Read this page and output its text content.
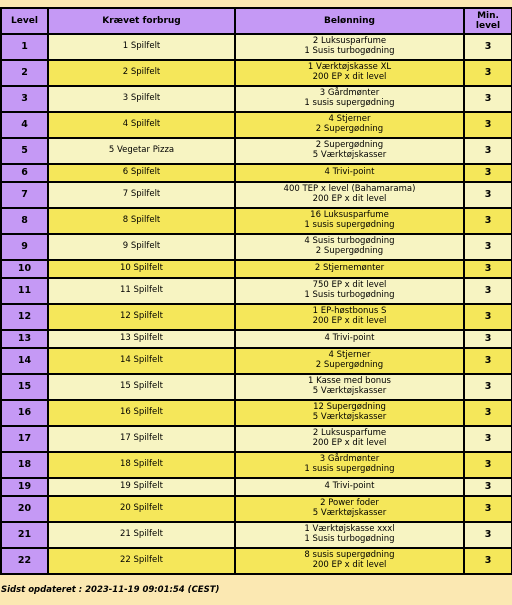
Level	Krævet forbrug	Belønning	Min.
level

1	1 Spilfelt	2 Luksusparfume
1 Susis turbogødning	3
2	2 Spilfelt	1 Værktøjskasse XL
200 EP x dit level	3
3	3 Spilfelt	3 Gårdmønter
1 susis supergødning	3
4	4 Spilfelt	4 Stjerner
2 Supergødning	3
5	5 Vegetar Pizza	2 Supergødning
5 Værktøjskasser	3
6	6 Spilfelt	4 Trivi-point	3
7	7 Spilfelt	400 TEP x level (Bahamarama)
200 EP x dit level	3
8	8 Spilfelt	16 Luksusparfume
1 susis supergødning	3
9	9 Spilfelt	4 Susis turbogødning
2 Supergødning	3
10	10 Spilfelt	2 Stjernemønter	3
11	11 Spilfelt	750 EP x dit level
1 Susis turbogødning	3
12	12 Spilfelt	1 EP-høstbonus S
200 EP x dit level	3
13	13 Spilfelt	4 Trivi-point	3
14	14 Spilfelt	4 Stjerner
2 Supergødning	3
15	15 Spilfelt	1 Kasse med bonus
5 Værktøjskasser	3
16	16 Spilfelt	12 Supergødning
5 Værktøjskasser	3
17	17 Spilfelt	2 Luksusparfume
200 EP x dit level	3
18	18 Spilfelt	3 Gårdmønter
1 susis supergødning	3
19	19 Spilfelt	4 Trivi-point	3
20	20 Spilfelt	2 Power foder
5 Værktøjskasser	3
21	21 Spilfelt	1 Værktøjskasse xxxl
1 Susis turbogødning	3
22	22 Spilfelt	8 susis supergødning
200 EP x dit level	3
Sidst opdateret : 2023-11-19 09:01:54 (CEST)
